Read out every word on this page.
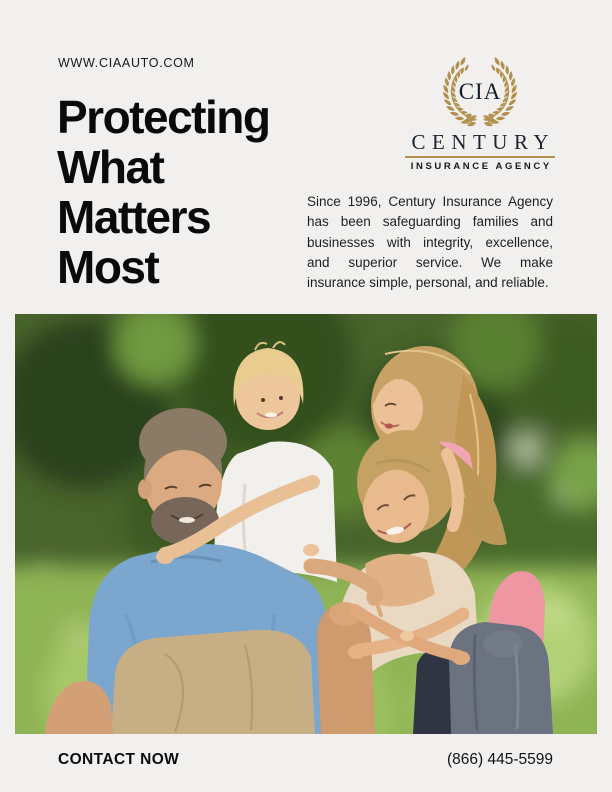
WWW.CIAAUTO.COM
Protecting
What
Matters
Most
CIA
CENTURY
INSURANCE AGENCY

Since 1996, Century Insurance Agency has been safeguarding families and businesses with integrity, excellence, and superior service. We make insurance simple, personal, and reliable.

CONTACT NOW	(866) 445-5599
